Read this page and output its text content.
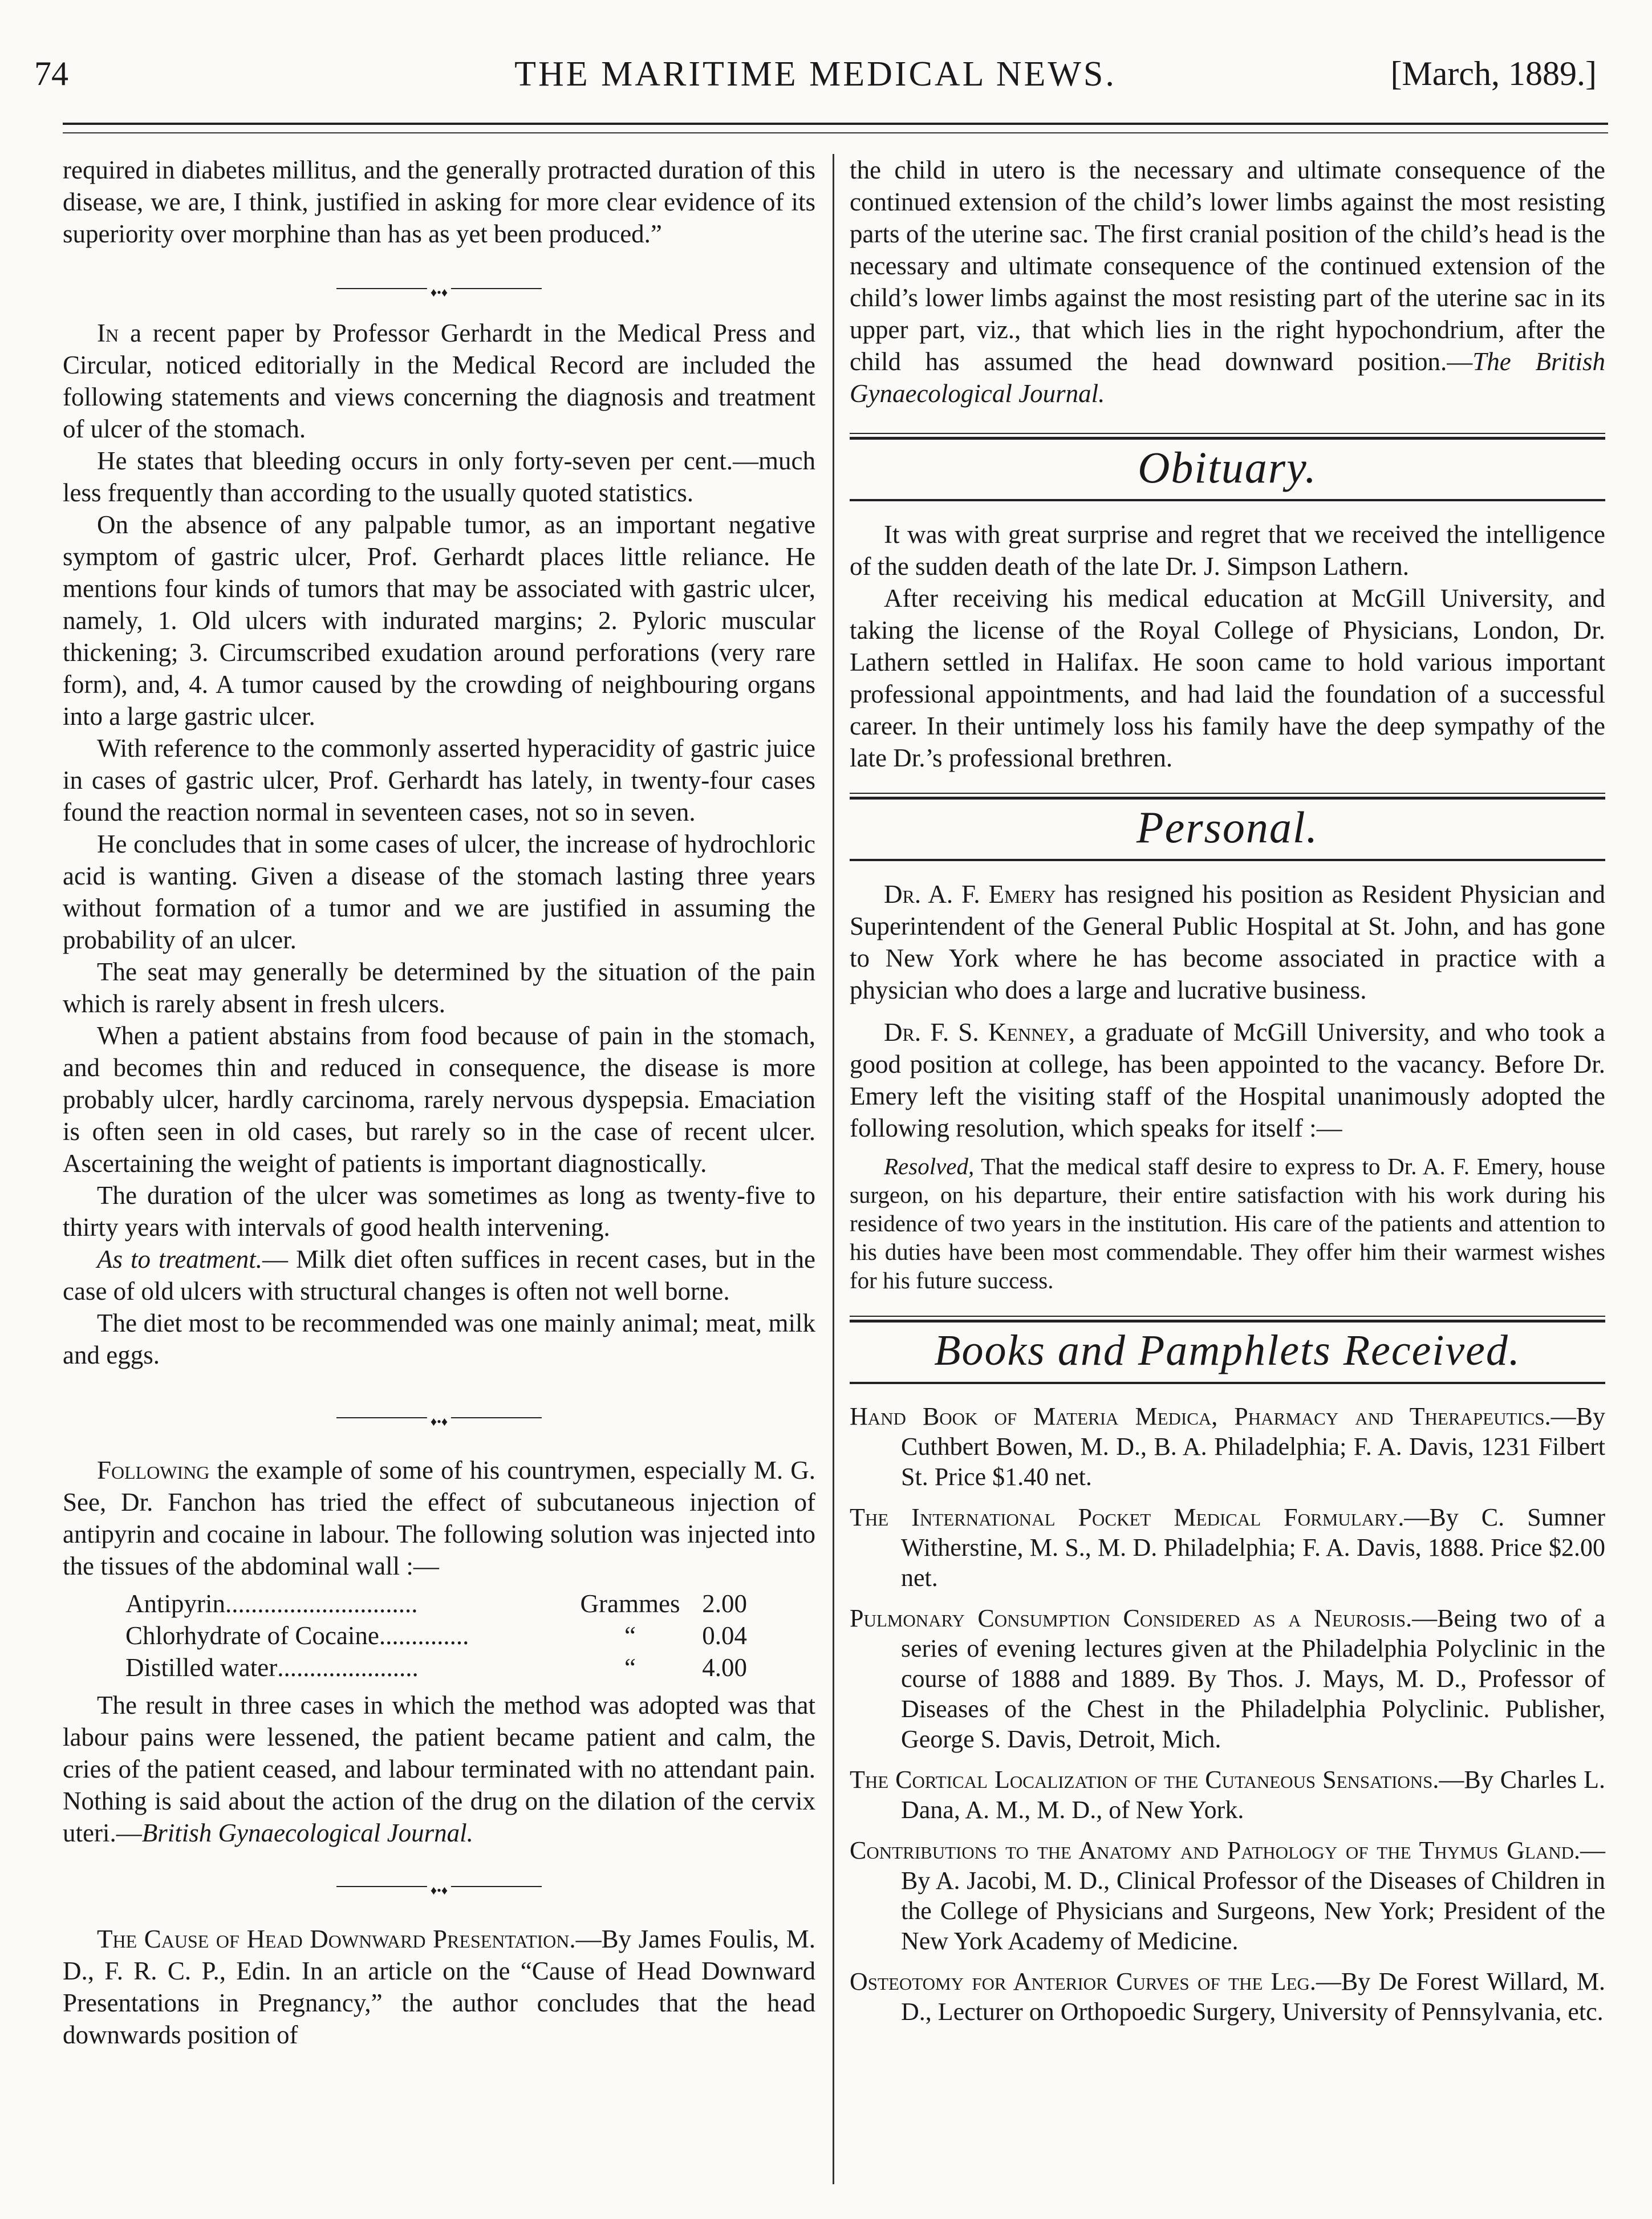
74	THE MARITIME MEDICAL NEWS.	[March, 1889.]

required in diabetes millitus, and the generally protracted duration of this disease, we are, I think, justified in asking for more clear evidence of its superiority over morphine than has as yet been produced.”

♦•♦

In a recent paper by Professor Gerhardt in the Medical Press and Circular, noticed editorially in the Medical Record are included the following statements and views concerning the diagnosis and treatment of ulcer of the stomach.

He states that bleeding occurs in only forty-seven per cent.—much less frequently than according to the usually quoted statistics.

On the absence of any palpable tumor, as an important negative symptom of gastric ulcer, Prof. Gerhardt places little reliance. He mentions four kinds of tumors that may be associated with gastric ulcer, namely, 1. Old ulcers with indurated margins; 2. Pyloric muscular thickening; 3. Circumscribed exudation around perforations (very rare form), and, 4. A tumor caused by the crowding of neighbouring organs into a large gastric ulcer.

With reference to the commonly asserted hyperacidity of gastric juice in cases of gastric ulcer, Prof. Gerhardt has lately, in twenty-four cases found the reaction normal in seventeen cases, not so in seven.

He concludes that in some cases of ulcer, the increase of hydrochloric acid is wanting. Given a disease of the stomach lasting three years without formation of a tumor and we are justified in assuming the probability of an ulcer.

The seat may generally be determined by the situation of the pain which is rarely absent in fresh ulcers.

When a patient abstains from food because of pain in the stomach, and becomes thin and reduced in consequence, the disease is more probably ulcer, hardly carcinoma, rarely nervous dyspepsia. Emaciation is often seen in old cases, but rarely so in the case of recent ulcer. Ascertaining the weight of patients is important diagnostically.

The duration of the ulcer was sometimes as long as twenty-five to thirty years with intervals of good health intervening.

As to treatment.— Milk diet often suffices in recent cases, but in the case of old ulcers with structural changes is often not well borne.

The diet most to be recommended was one mainly animal; meat, milk and eggs.

♦•♦

Following the example of some of his countrymen, especially M. G. See, Dr. Fanchon has tried the effect of subcutaneous injection of antipyrin and cocaine in labour. The following solution was injected into the tissues of the abdominal wall :—

Antipyrin ..............................	Grammes 2.00
Chlorhydrate of Cocaine ..............	“	0.04
Distilled water ......................	“	4.00

The result in three cases in which the method was adopted was that labour pains were lessened, the patient became patient and calm, the cries of the patient ceased, and labour terminated with no attendant pain. Nothing is said about the action of the drug on the dilation of the cervix uteri.—British Gynaecological Journal.

♦•♦

The Cause of Head Downward Presentation.—By James Foulis, M. D., F. R. C. P., Edin. In an article on the “Cause of Head Downward Presentations in Pregnancy,” the author concludes that the head downwards position of

the child in utero is the necessary and ultimate consequence of the continued extension of the child’s lower limbs against the most resisting parts of the uterine sac. The first cranial position of the child’s head is the necessary and ultimate consequence of the continued extension of the child’s lower limbs against the most resisting part of the uterine sac in its upper part, viz., that which lies in the right hypochondrium, after the child has assumed the head downward position.—The British Gynaecological Journal.

Obituary.

It was with great surprise and regret that we received the intelligence of the sudden death of the late Dr. J. Simpson Lathern.

After receiving his medical education at McGill University, and taking the license of the Royal College of Physicians, London, Dr. Lathern settled in Halifax. He soon came to hold various important professional appointments, and had laid the foundation of a successful career. In their untimely loss his family have the deep sympathy of the late Dr.’s professional brethren.

Personal.

Dr. A. F. Emery has resigned his position as Resident Physician and Superintendent of the General Public Hospital at St. John, and has gone to New York where he has become associated in practice with a physician who does a large and lucrative business.

Dr. F. S. Kenney, a graduate of McGill University, and who took a good position at college, has been appointed to the vacancy. Before Dr. Emery left the visiting staff of the Hospital unanimously adopted the following resolution, which speaks for itself :—

Resolved, That the medical staff desire to express to Dr. A. F. Emery, house surgeon, on his departure, their entire satisfaction with his work during his residence of two years in the institution. His care of the patients and attention to his duties have been most commendable. They offer him their warmest wishes for his future success.

Books and Pamphlets Received.

Hand Book of Materia Medica, Pharmacy and Therapeutics.—By Cuthbert Bowen, M. D., B. A. Philadelphia; F. A. Davis, 1231 Filbert St. Price $1.40 net.

The International Pocket Medical Formulary.—By C. Sumner Witherstine, M. S., M. D. Philadelphia; F. A. Davis, 1888. Price $2.00 net.

Pulmonary Consumption Considered as a Neurosis.—Being two of a series of evening lectures given at the Philadelphia Polyclinic in the course of 1888 and 1889. By Thos. J. Mays, M. D., Professor of Diseases of the Chest in the Philadelphia Polyclinic. Publisher, George S. Davis, Detroit, Mich.

The Cortical Localization of the Cutaneous Sensations.—By Charles L. Dana, A. M., M. D., of New York.

Contributions to the Anatomy and Pathology of the Thymus Gland.—By A. Jacobi, M. D., Clinical Professor of the Diseases of Children in the College of Physicians and Surgeons, New York; President of the New York Academy of Medicine.

Osteotomy for Anterior Curves of the Leg.—By De Forest Willard, M. D., Lecturer on Orthopoedic Surgery, University of Pennsylvania, etc.
